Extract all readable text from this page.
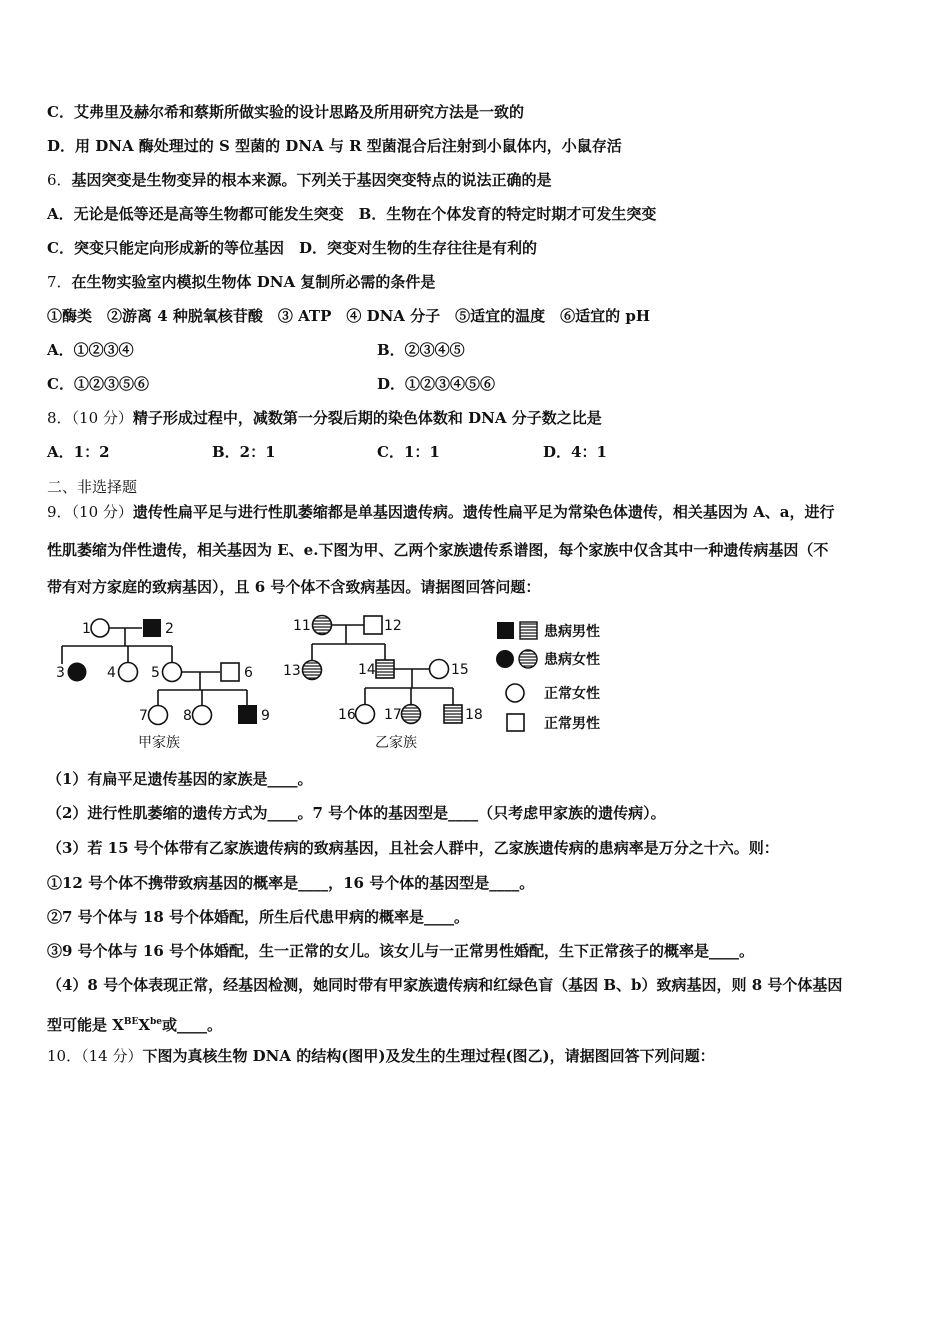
C．艾弗里及赫尔希和蔡斯所做实验的设计思路及所用研究方法是一致的
D．用 DNA 酶处理过的 S 型菌的 DNA 与 R 型菌混合后注射到小鼠体内，小鼠存活
6．基因突变是生物变异的根本来源。下列关于基因突变特点的说法正确的是
A．无论是低等还是高等生物都可能发生突变　B．生物在个体发育的特定时期才可发生突变
C．突变只能定向形成新的等位基因　D．突变对生物的生存往往是有利的
7．在生物实验室内模拟生物体 DNA 复制所必需的条件是
①酶类　②游离 4 种脱氧核苷酸　③ ATP　④ DNA 分子　⑤适宜的温度　⑥适宜的 pH
A．①②③④	B．②③④⑤
C．①②③⑤⑥	D．①②③④⑤⑥
8．（10 分）精子形成过程中，减数第一分裂后期的染色体数和 DNA 分子数之比是
A．1：2	B．2：1	C．1：1	D．4：1
二、非选择题
9．（10 分）遗传性扁平足与进行性肌萎缩都是单基因遗传病。遗传性扁平足为常染色体遗传，相关基因为 A、a，进行
性肌萎缩为伴性遗传，相关基因为 E、e.下图为甲、乙两个家族遗传系谱图，每个家族中仅含其中一种遗传病基因（不
带有对方家庭的致病基因），且 6 号个体不含致病基因。请据图回答问题：
1	2
3	4	5	6
7	8	9
11	12
13	14	15
16 17	18
甲家族	乙家族
患病男性
患病女性
正常女性
正常男性
（1）有扁平足遗传基因的家族是____。
（2）进行性肌萎缩的遗传方式为____。7 号个体的基因型是____（只考虑甲家族的遗传病）。
（3）若 15 号个体带有乙家族遗传病的致病基因，且社会人群中，乙家族遗传病的患病率是万分之十六。则：
①12 号个体不携带致病基因的概率是____，16 号个体的基因型是____。
②7 号个体与 18 号个体婚配，所生后代患甲病的概率是____。
③9 号个体与 16 号个体婚配，生一正常的女儿。该女儿与一正常男性婚配，生下正常孩子的概率是____。
（4）8 号个体表现正常，经基因检测，她同时带有甲家族遗传病和红绿色盲（基因 B、b）致病基因，则 8 号个体基因
型可能是 $X^{BE}X^{be}$或____。
10．（14 分）下图为真核生物 DNA 的结构(图甲)及发生的生理过程(图乙)，请据图回答下列问题：
